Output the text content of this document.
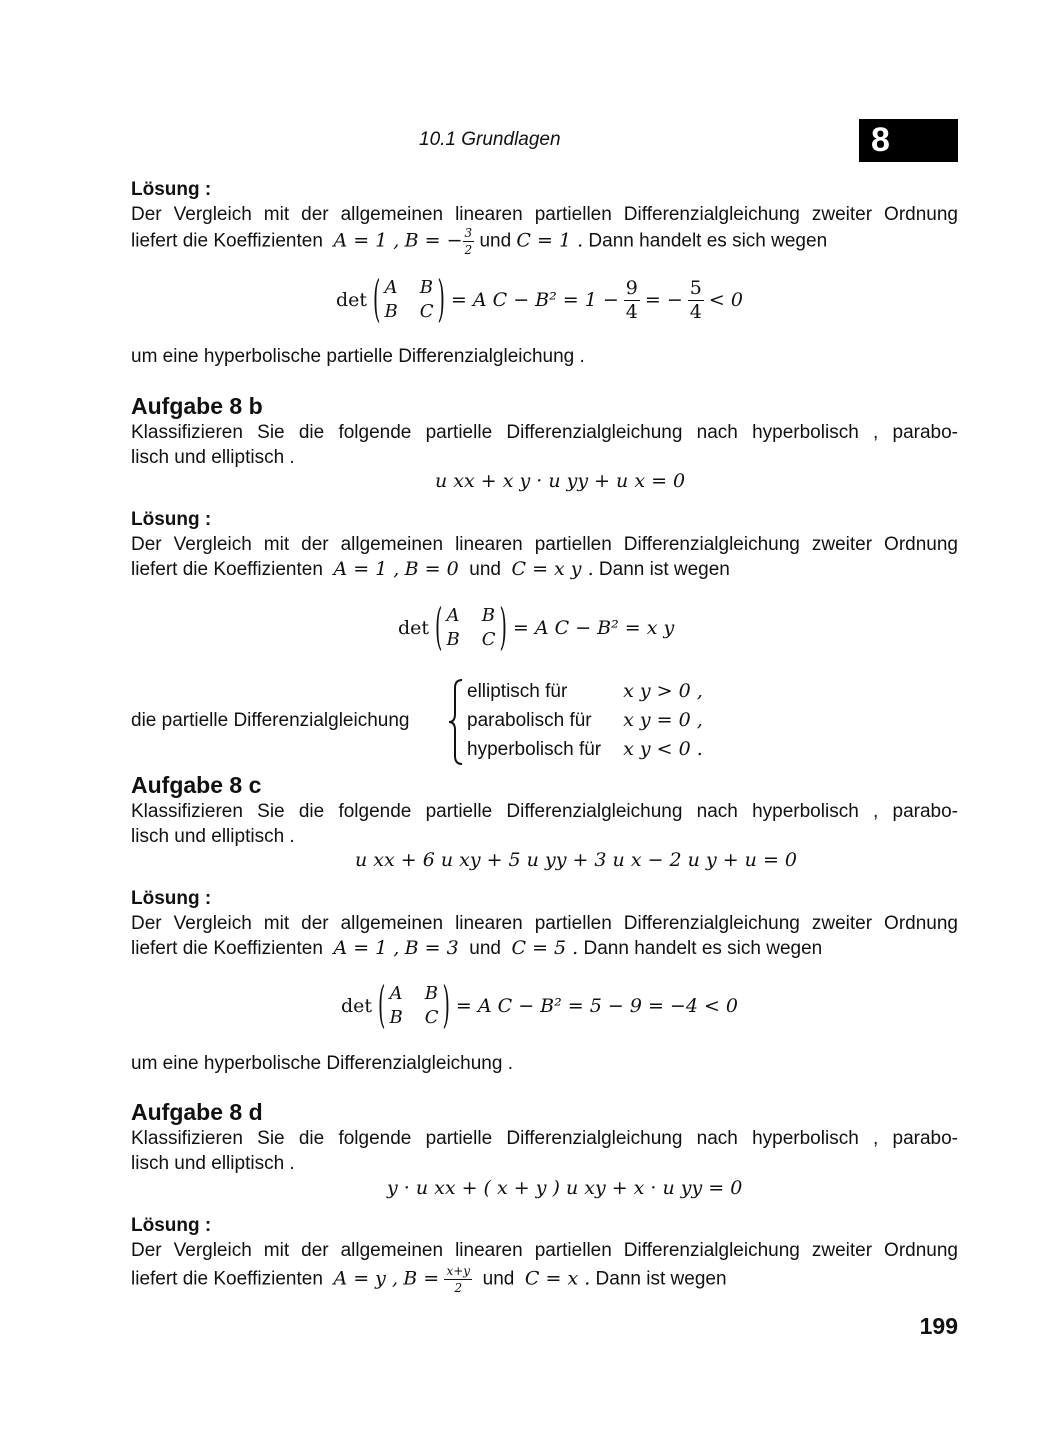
10.1 Grundlagen	8
Lösung :
Der Vergleich mit der allgemeinen linearen partiellen Differenzialgleichung zweiter Ordnung
liefert die Koeffizienten A = 1 , B = − $\frac{3}{2}$ und C = 1 . Dann handelt es sich wegen
det ( A B
B C ) = A $C - B^2 = 1 - \frac{9}{4}$ = − $\frac{5}{4} < 0$
um eine hyperbolische partielle Differenzialgleichung .
Aufgabe 8 b
Klassifizieren Sie die folgende partielle Differenzialgleichung nach hyperbolisch , parabo-
lisch und elliptisch .
u xx + x y · u yy + u x = 0
Lösung :
Der Vergleich mit der allgemeinen linearen partiellen Differenzialgleichung zweiter Ordnung
liefert die Koeffizienten A = 1 , B = 0 und C = x y . Dann ist wegen
det ( A B
B C ) = A C − B² = x y
die partielle Differenzialgleichung
elliptisch für	x y > 0 ,
parabolisch für	x y = 0 ,
hyperbolisch für x y < 0 .
Aufgabe 8 c
Klassifizieren Sie die folgende partielle Differenzialgleichung nach hyperbolisch , parabo-
lisch und elliptisch .
u xx + 6 u xy + 5 u yy + 3 u x − 2 u y + u = 0
Lösung :
Der Vergleich mit der allgemeinen linearen partiellen Differenzialgleichung zweiter Ordnung
liefert die Koeffizienten A = 1 , B = 3 und C = 5 . Dann handelt es sich wegen
det ( A B
B C ) = A C − B² = 5 − 9 = −4 < 0
um eine hyperbolische Differenzialgleichung .
Aufgabe 8 d
Klassifizieren Sie die folgende partielle Differenzialgleichung nach hyperbolisch , parabo-
lisch und elliptisch .
y · u xx + ( x + y ) u xy + x · u yy = 0
Lösung :
Der Vergleich mit der allgemeinen linearen partiellen Differenzialgleichung zweiter Ordnung
liefert die Koeffizienten A = y , $B = \frac{x+y}{2}$ und C = x . Dann ist wegen
199
